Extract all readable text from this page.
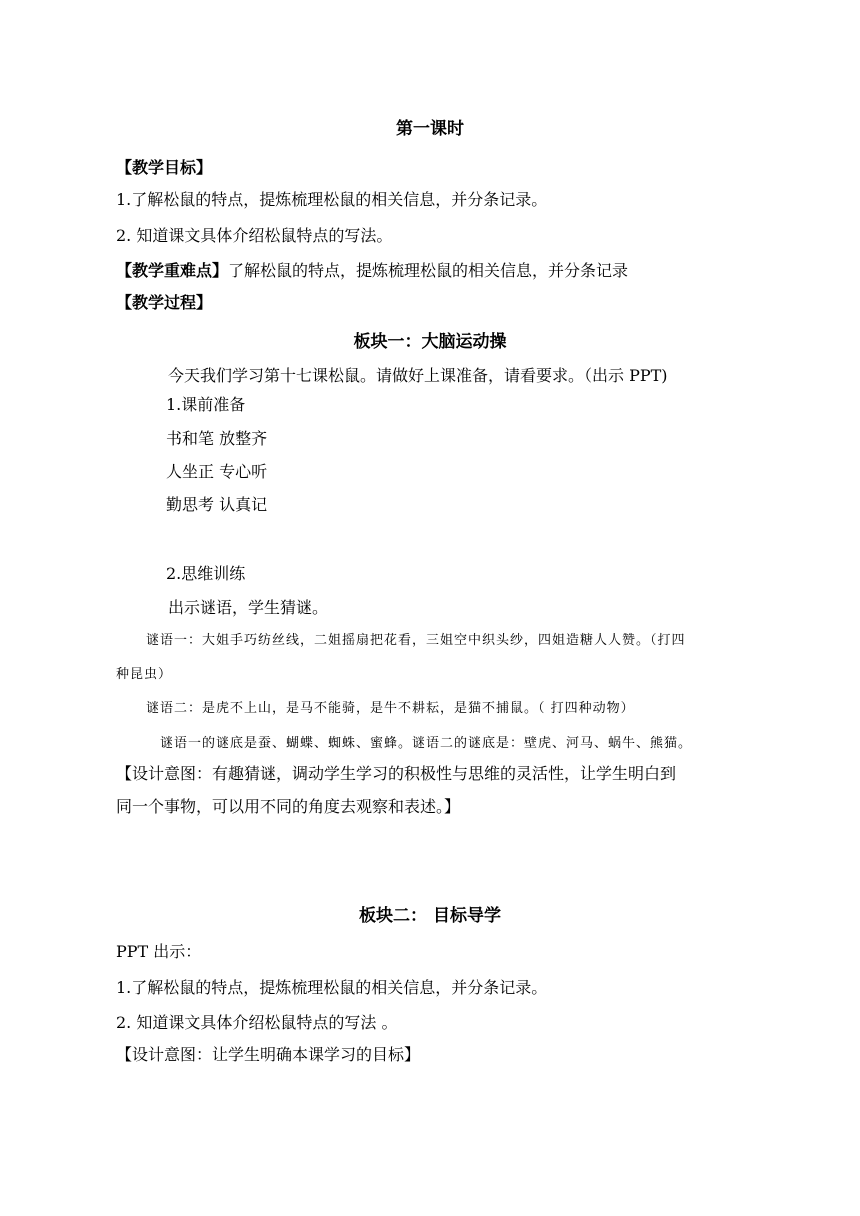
第一课时
【教学目标】
1.了解松鼠的特点，提炼梳理松鼠的相关信息，并分条记录。
2. 知道课文具体介绍松鼠特点的写法。
【教学重难点】了解松鼠的特点，提炼梳理松鼠的相关信息，并分条记录
【教学过程】
板块一：大脑运动操
今天我们学习第十七课松鼠。请做好上课准备，请看要求。（出示 PPT)
1.课前准备
书和笔 放整齐
人坐正 专心听
勤思考 认真记
2.思维训练
出示谜语，学生猜谜。
谜语一：大姐手巧纺丝线，二姐摇扇把花看，三姐空中织头纱，四姐造糖人人赞。（打四
种昆虫）
谜语二：是虎不上山，是马不能骑，是牛不耕耘，是猫不捕鼠。（ 打四种动物）
谜语一的谜底是蚕、蝴蝶、蜘蛛、蜜蜂。谜语二的谜底是：壁虎、河马、蜗牛、熊猫。
【设计意图：有趣猜谜，调动学生学习的积极性与思维的灵活性，让学生明白到
同一个事物，可以用不同的角度去观察和表述。】
板块二： 目标导学
PPT 出示：
1.了解松鼠的特点，提炼梳理松鼠的相关信息，并分条记录。
2. 知道课文具体介绍松鼠特点的写法 。
【设计意图：让学生明确本课学习的目标】
